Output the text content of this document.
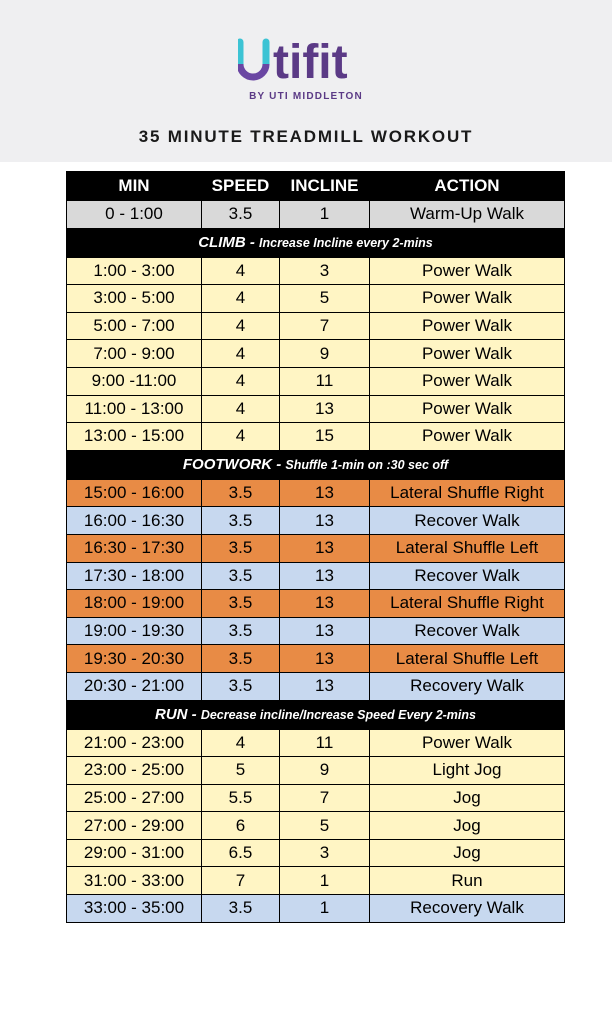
tifit
BY UTI MIDDLETON
35 MINUTE TREADMILL WORKOUT
MIN	SPEED	INCLINE	ACTION
0 - 1:00	3.5	1	Warm-Up Walk
CLIMB - Increase Incline every 2-mins			
1:00 - 3:00	4	3	Power Walk
3:00 - 5:00	4	5	Power Walk
5:00 - 7:00	4	7	Power Walk
7:00 - 9:00	4	9	Power Walk
9:00 -11:00	4	11	Power Walk
11:00 - 13:00	4	13	Power Walk
13:00 - 15:00	4	15	Power Walk
FOOTWORK - Shuffle 1-min on :30 sec off			
15:00 - 16:00	3.5	13	Lateral Shuffle Right
16:00 - 16:30	3.5	13	Recover Walk
16:30 - 17:30	3.5	13	Lateral Shuffle Left
17:30 - 18:00	3.5	13	Recover Walk
18:00 - 19:00	3.5	13	Lateral Shuffle Right
19:00 - 19:30	3.5	13	Recover Walk
19:30 - 20:30	3.5	13	Lateral Shuffle Left
20:30 - 21:00	3.5	13	Recovery Walk
RUN - Decrease incline/Increase Speed Every 2-mins			
21:00 - 23:00	4	11	Power Walk
23:00 - 25:00	5	9	Light Jog
25:00 - 27:00	5.5	7	Jog
27:00 - 29:00	6	5	Jog
29:00 - 31:00	6.5	3	Jog
31:00 - 33:00	7	1	Run
33:00 - 35:00	3.5	1	Recovery Walk
